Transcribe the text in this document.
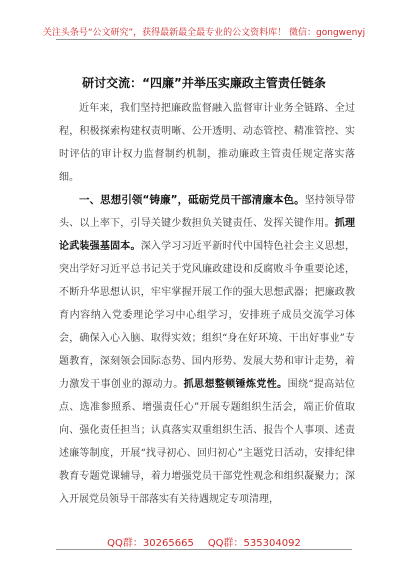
关注头条号“公文研究”，获得最新最全最专业的公文资料库！ 微信：gongwenyj
研讨交流：“四廉”并举压实廉政主管责任链条

近年来，我们坚持把廉政监督融入监督审计业务全链路、全过程，积极探索构建权责明晰、公开透明、动态管控、精准管控、实时评估的审计权力监督制约机制，推动廉政主管责任规定落实落细。

一、思想引领“铸廉”，砥砺党员干部清廉本色。坚持领导带头、以上率下，引导关键少数担负关键责任、发挥关键作用。抓理论武装强基固本。深入学习习近平新时代中国特色社会主义思想，突出学好习近平总书记关于党风廉政建设和反腐败斗争重要论述，不断升华思想认识，牢牢掌握开展工作的强大思想武器；把廉政教育内容纳入党委理论学习中心组学习，安排班子成员交流学习体会，确保入心入脑、取得实效；组织“身在好环境、干出好事业”专题教育，深刻领会国际态势、国内形势、发展大势和审计走势，着力激发干事创业的源动力。抓思想整顿锤炼党性。围绕“提高站位点、选准参照系、增强责任心”开展专题组织生活会，端正价值取向、强化责任担当；认真落实双重组织生活、报告个人事项、述责述廉等制度，开展“找寻初心、回归初心”主题党日活动，安排纪律教育专题党课辅导，着力增强党员干部党性观念和组织凝聚力；深入开展党员领导干部落实有关待遇规定专项清理，

QQ群：30265665 QQ群：535304092
